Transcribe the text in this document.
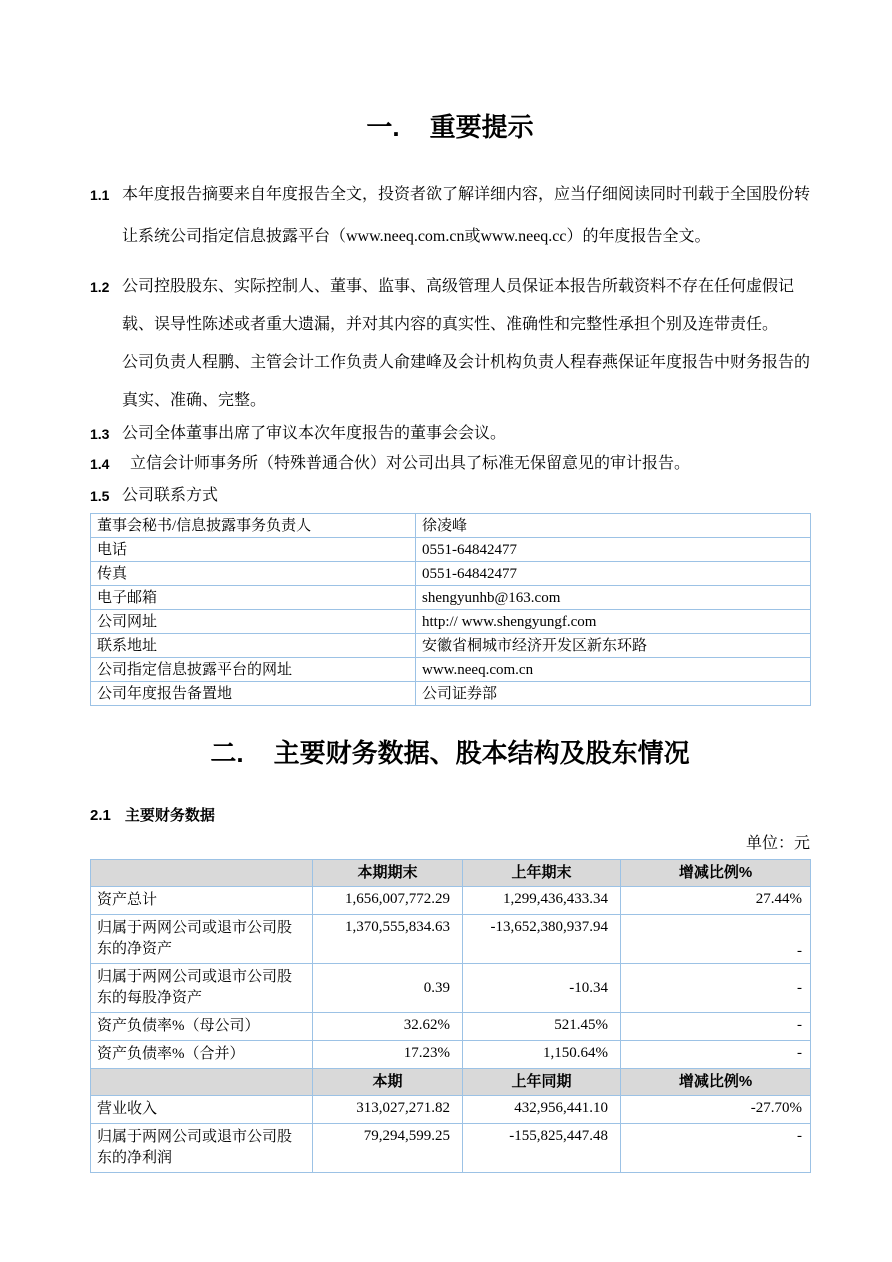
一. 重要提示
1.1 本年度报告摘要来自年度报告全文，投资者欲了解详细内容，应当仔细阅读同时刊载于全国股份转让系统公司指定信息披露平台（www.neeq.com.cn或www.neeq.cc）的年度报告全文。

1.2 公司控股股东、实际控制人、董事、监事、高级管理人员保证本报告所载资料不存在任何虚假记载、误导性陈述或者重大遗漏，并对其内容的真实性、准确性和完整性承担个别及连带责任。

公司负责人程鹏、主管会计工作负责人俞建峰及会计机构负责人程春燕保证年度报告中财务报告的真实、准确、完整。

1.3 公司全体董事出席了审议本次年度报告的董事会会议。

1.4	立信会计师事务所（特殊普通合伙）对公司出具了标准无保留意见的审计报告。

1.5 公司联系方式

董事会秘书/信息披露事务负责人	徐凌峰
电话	0551-64842477
传真	0551-64842477
电子邮箱	shengyunhb@163.com
公司网址	http:// www.shengyungf.com
联系地址	安徽省桐城市经济开发区新东环路
公司指定信息披露平台的网址	www.neeq.com.cn
公司年度报告备置地	公司证券部
二. 主要财务数据、股本结构及股东情况
2.1 主要财务数据
单位：元
	本期期末	上年期末	增减比例%
资产总计	1,656,007,772.29	1,299,436,433.34	27.44%
归属于两网公司或退市公司股东的净资产	1,370,555,834.63	-13,652,380,937.94	-
归属于两网公司或退市公司股东的每股净资产	0.39	-10.34	-
资产负债率%（母公司）	32.62%	521.45%	-
资产负债率%（合并）	17.23%	1,150.64%	-
	本期	上年同期	增减比例%
营业收入	313,027,271.82	432,956,441.10	-27.70%
归属于两网公司或退市公司股东的净利润	79,294,599.25	-155,825,447.48	-
